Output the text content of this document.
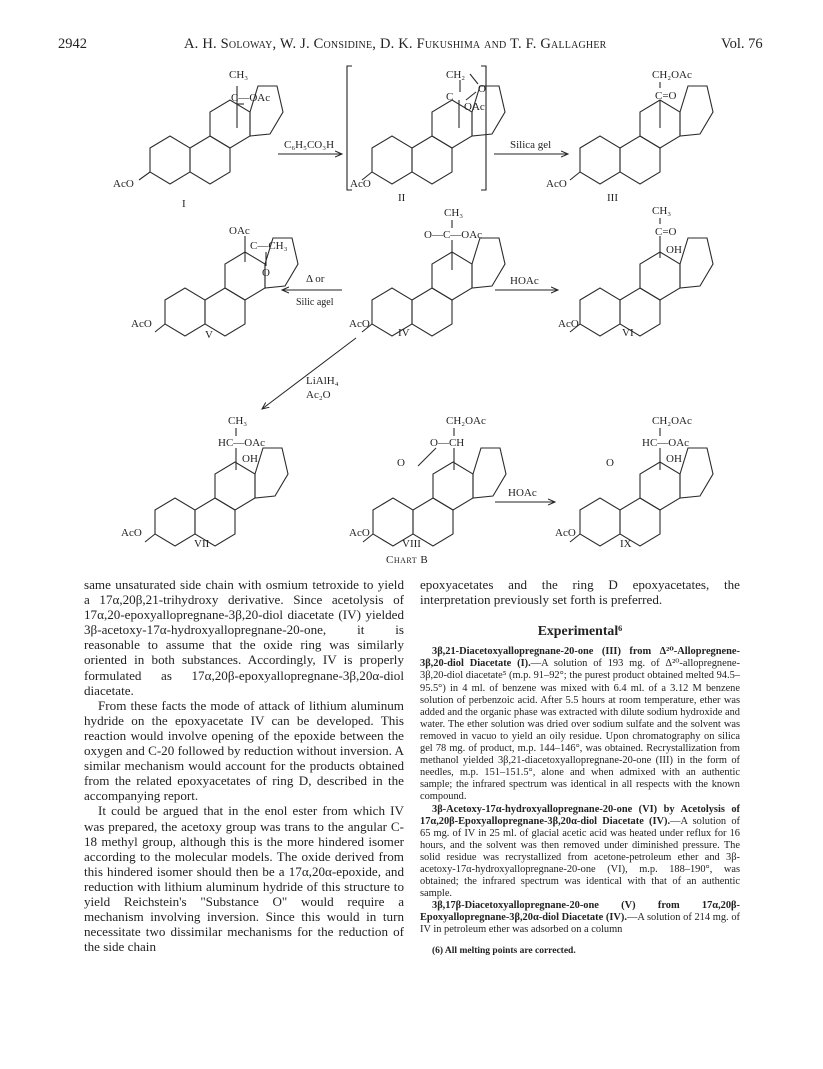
2942	A. H. Soloway, W. J. Considine, D. K. Fukushima and T. F. Gallagher	Vol. 76
CH₃
C—OAc
AcO
I
C₆H₅CO₃H
CH₂
O
C
OAc
AcO
II
Silica gel
CH₂OAc
C=O
AcO
III
OAc
C—CH₃
O
AcO
V
Δ or
Silic agel
CH₃
O—C—OAc
AcO
IV
HOAc
CH₃
C=O
OH
AcO
VI
LiAlH₄
Ac₂O
CH₃
HC—OAc
OH
AcO
VII
CH₂OAc
O—CH
O
AcO
VIII
HOAc
CH₂OAc
HC—OAc
O	OH
AcO
IX
Chart B

same unsaturated side chain with osmium tetroxide to yield a 17α,20β,21-trihydroxy derivative. Since acetolysis of 17α,20-epoxyallopregnane-3β,20-diol diacetate (IV) yielded 3β-acetoxy-17α-hydroxyallopregnane-20-one, it is reasonable to assume that the oxide ring was similarly oriented in both substances. Accordingly, IV is properly formulated as 17α,20β-epoxyallopregnane-3β,20α-diol diacetate.

From these facts the mode of attack of lithium aluminum hydride on the epoxyacetate IV can be developed. This reaction would involve opening of the epoxide between the oxygen and C-20 followed by reduction without inversion. A similar mechanism would account for the products obtained from the related epoxyacetates of ring D, described in the accompanying report.

It could be argued that in the enol ester from which IV was prepared, the acetoxy group was trans to the angular C-18 methyl group, although this is the more hindered isomer according to the molecular models. The oxide derived from this hindered isomer should then be a 17α,20α-epoxide, and reduction with lithium aluminum hydride of this structure to yield Reichstein's "Substance O" would require a mechanism involving inversion. Since this would in turn necessitate two dissimilar mechanisms for the reduction of the side chain

epoxyacetates and the ring D epoxyacetates, the interpretation previously set forth is preferred.

Experimental⁶

3β,21-Diacetoxyallopregnane-20-one (III) from Δ²⁰-Allopregnene-3β,20-diol Diacetate (I).—A solution of 193 mg. of Δ²⁰-allopregnene-3β,20-diol diacetate⁵ (m.p. 91–92°; the purest product obtained melted 94.5–95.5°) in 4 ml. of benzene was mixed with 6.4 ml. of a 3.12 M benzene solution of perbenzoic acid. After 5.5 hours at room temperature, ether was added and the organic phase was extracted with dilute sodium hydroxide and water. The ether solution was dried over sodium sulfate and the solvent was removed in vacuo to yield an oily residue. Upon chromatography on silica gel 78 mg. of product, m.p. 144–146°, was obtained. Recrystallization from methanol yielded 3β,21-diacetoxyallopregnane-20-one (III) in the form of needles, m.p. 151–151.5°, alone and when admixed with an authentic sample; the infrared spectrum was identical in all respects with the known compound.

3β-Acetoxy-17α-hydroxyallopregnane-20-one (VI) by Acetolysis of 17α,20β-Epoxyallopregnane-3β,20α-diol Diacetate (IV).—A solution of 65 mg. of IV in 25 ml. of glacial acetic acid was heated under reflux for 16 hours, and the solvent was then removed under diminished pressure. The solid residue was recrystallized from acetone-petroleum ether and 3β-acetoxy-17α-hydroxyallopregnane-20-one (VI), m.p. 188–190°, was obtained; the infrared spectrum was identical with that of an authentic sample.

3β,17β-Diacetoxyallopregnane-20-one (V) from 17α,20β-Epoxyallopregnane-3β,20α-diol Diacetate (IV).—A solution of 214 mg. of IV in petroleum ether was adsorbed on a column

(6) All melting points are corrected.
